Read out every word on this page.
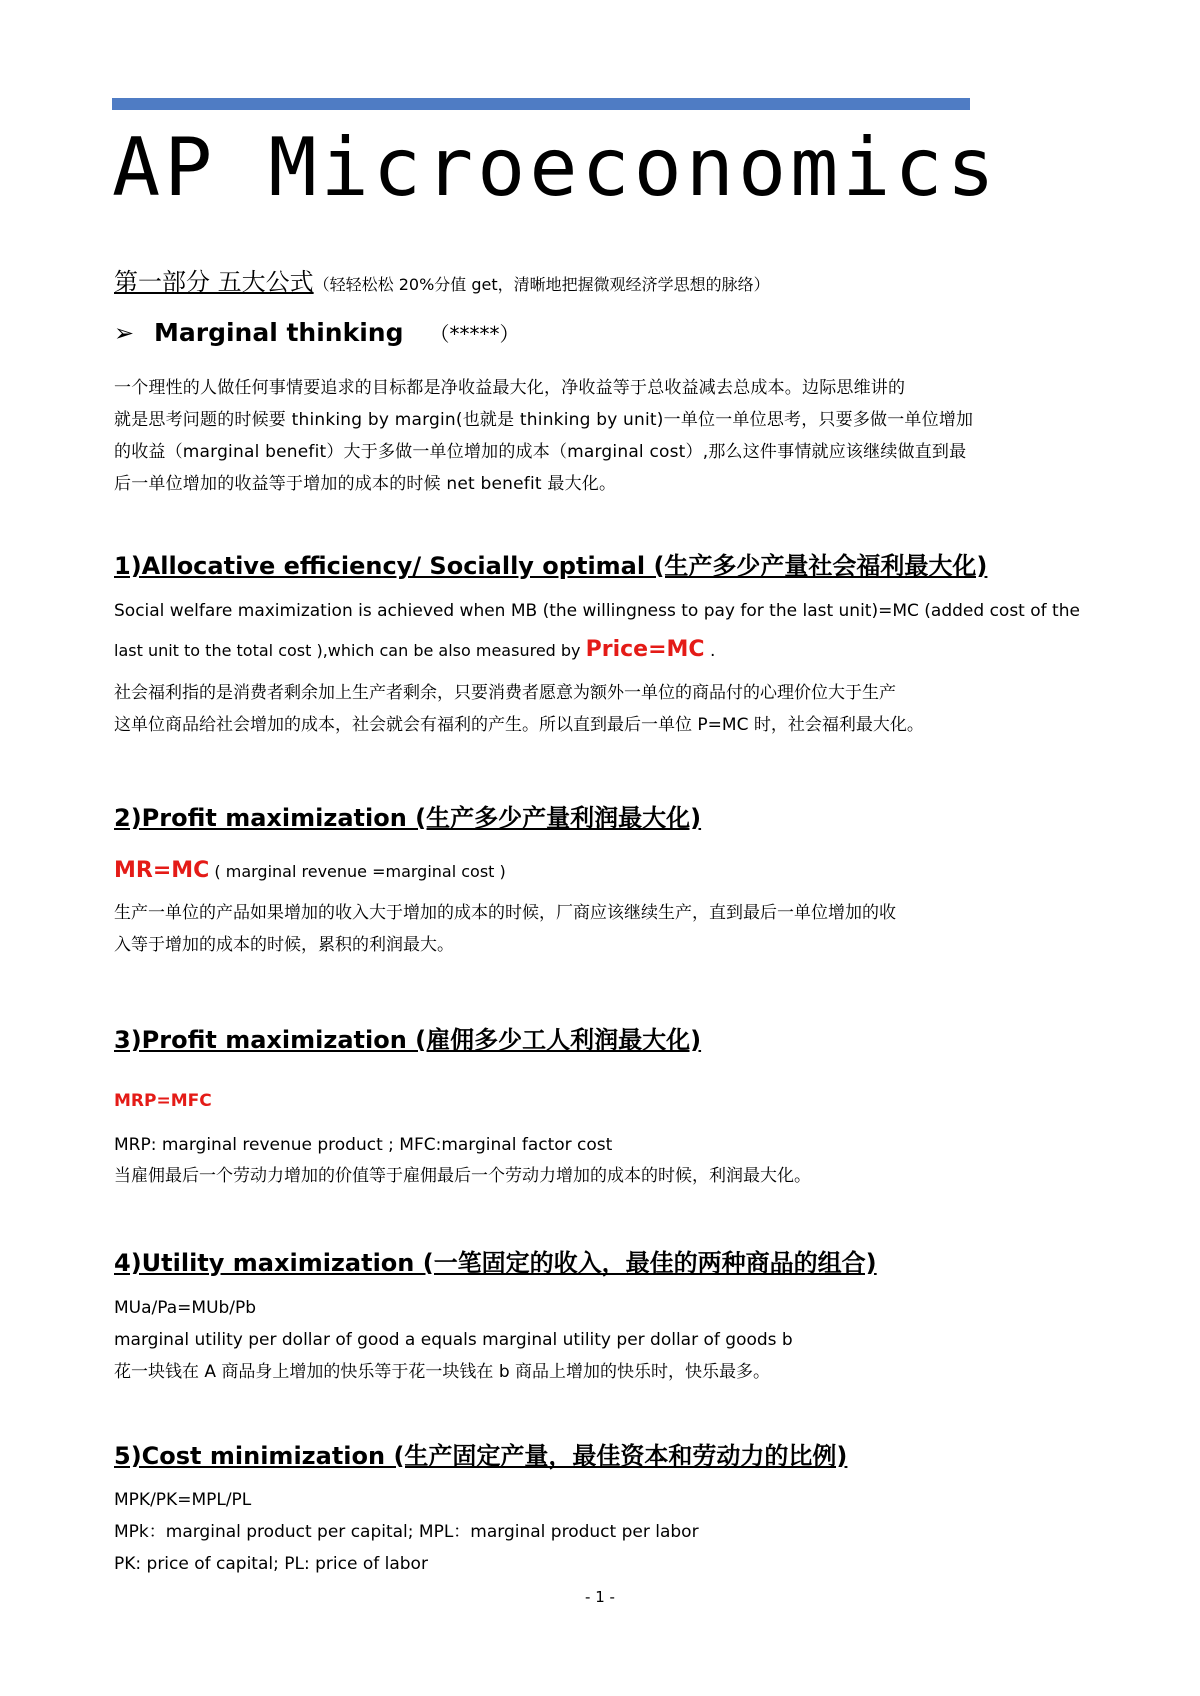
AP Microeconomics
第一部分 五大公式（轻轻松松 20%分值 get，清晰地把握微观经济学思想的脉络）
➢ Marginal thinking （*****）
一个理性的人做任何事情要追求的目标都是净收益最大化，净收益等于总收益减去总成本。边际思维讲的
就是思考问题的时候要 thinking by margin(也就是 thinking by unit)一单位一单位思考，只要多做一单位增加
的收益（marginal benefit）大于多做一单位增加的成本（marginal cost）,那么这件事情就应该继续做直到最
后一单位增加的收益等于增加的成本的时候 net benefit 最大化。
1)Allocative efficiency/ Socially optimal (生产多少产量社会福利最大化)
Social welfare maximization is achieved when MB (the willingness to pay for the last unit)=MC (added cost of the
last unit to the total cost ),which can be also measured by Price=MC .
社会福利指的是消费者剩余加上生产者剩余，只要消费者愿意为额外一单位的商品付的心理价位大于生产
这单位商品给社会增加的成本，社会就会有福利的产生。所以直到最后一单位 P=MC 时，社会福利最大化。
2)Profit maximization (生产多少产量利润最大化)
MR=MC ( marginal revenue =marginal cost )
生产一单位的产品如果增加的收入大于增加的成本的时候，厂商应该继续生产，直到最后一单位增加的收
入等于增加的成本的时候，累积的利润最大。
3)Profit maximization (雇佣多少工人利润最大化)
MRP=MFC
MRP: marginal revenue product ; MFC:marginal factor cost
当雇佣最后一个劳动力增加的价值等于雇佣最后一个劳动力增加的成本的时候，利润最大化。
4)Utility maximization (一笔固定的收入，最佳的两种商品的组合)
MUa/Pa=MUb/Pb
marginal utility per dollar of good a equals marginal utility per dollar of goods b
花一块钱在 A 商品身上增加的快乐等于花一块钱在 b 商品上增加的快乐时，快乐最多。
5)Cost minimization (生产固定产量，最佳资本和劳动力的比例)
MPK/PK=MPL/PL
MPk：marginal product per capital; MPL：marginal product per labor
PK: price of capital; PL: price of labor
- 1 -
